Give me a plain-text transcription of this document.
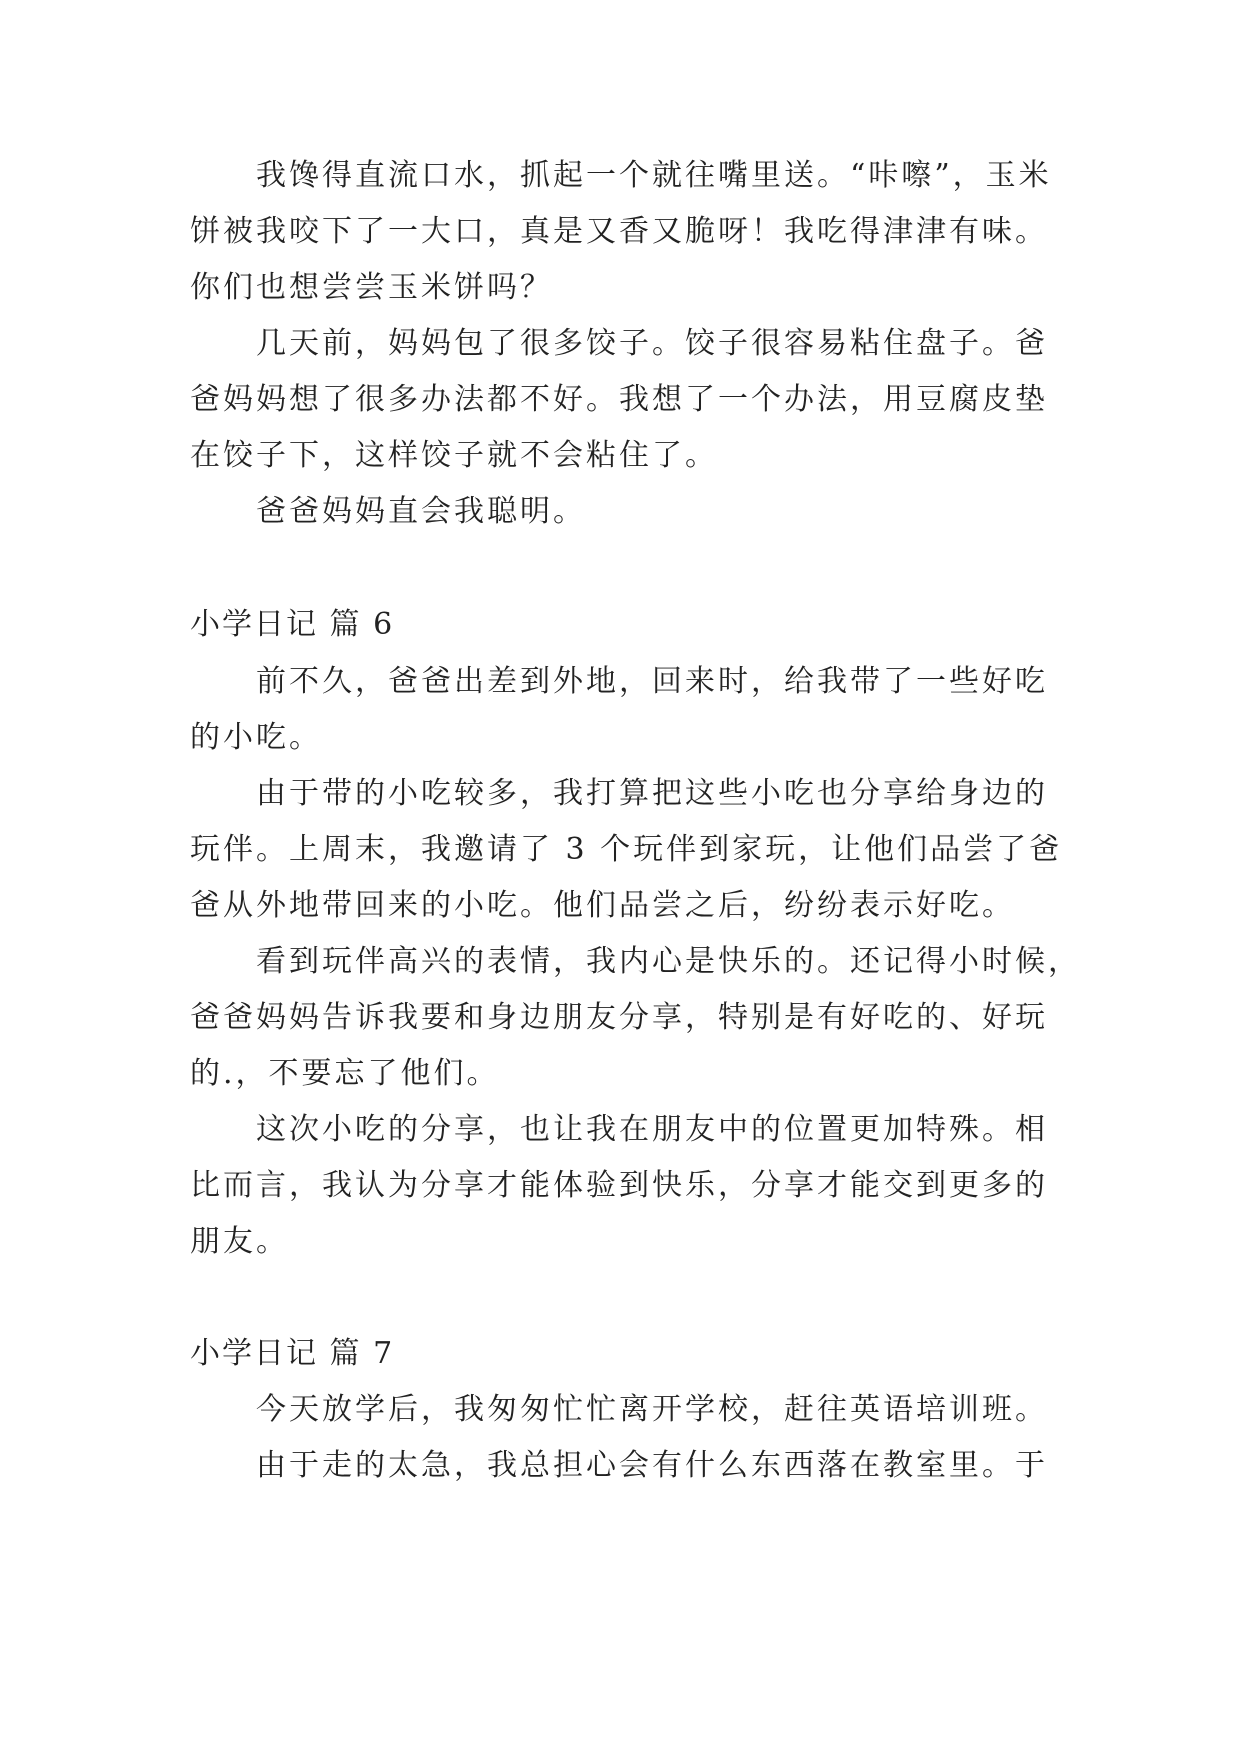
我馋得直流口水，抓起一个就往嘴里送。“咔嚓”，玉米
饼被我咬下了一大口，真是又香又脆呀！我吃得津津有味。
你们也想尝尝玉米饼吗？
几天前，妈妈包了很多饺子。饺子很容易粘住盘子。爸
爸妈妈想了很多办法都不好。我想了一个办法，用豆腐皮垫
在饺子下，这样饺子就不会粘住了。
爸爸妈妈直会我聪明。
小学日记 篇 6
前不久，爸爸出差到外地，回来时，给我带了一些好吃
的小吃。
由于带的小吃较多，我打算把这些小吃也分享给身边的
玩伴。上周末，我邀请了 3 个玩伴到家玩，让他们品尝了爸
爸从外地带回来的小吃。他们品尝之后，纷纷表示好吃。
看到玩伴高兴的表情，我内心是快乐的。还记得小时候，
爸爸妈妈告诉我要和身边朋友分享，特别是有好吃的、好玩
的.，不要忘了他们。
这次小吃的分享，也让我在朋友中的位置更加特殊。相
比而言，我认为分享才能体验到快乐，分享才能交到更多的
朋友。
小学日记 篇 7
今天放学后，我匆匆忙忙离开学校，赶往英语培训班。
由于走的太急，我总担心会有什么东西落在教室里。于
